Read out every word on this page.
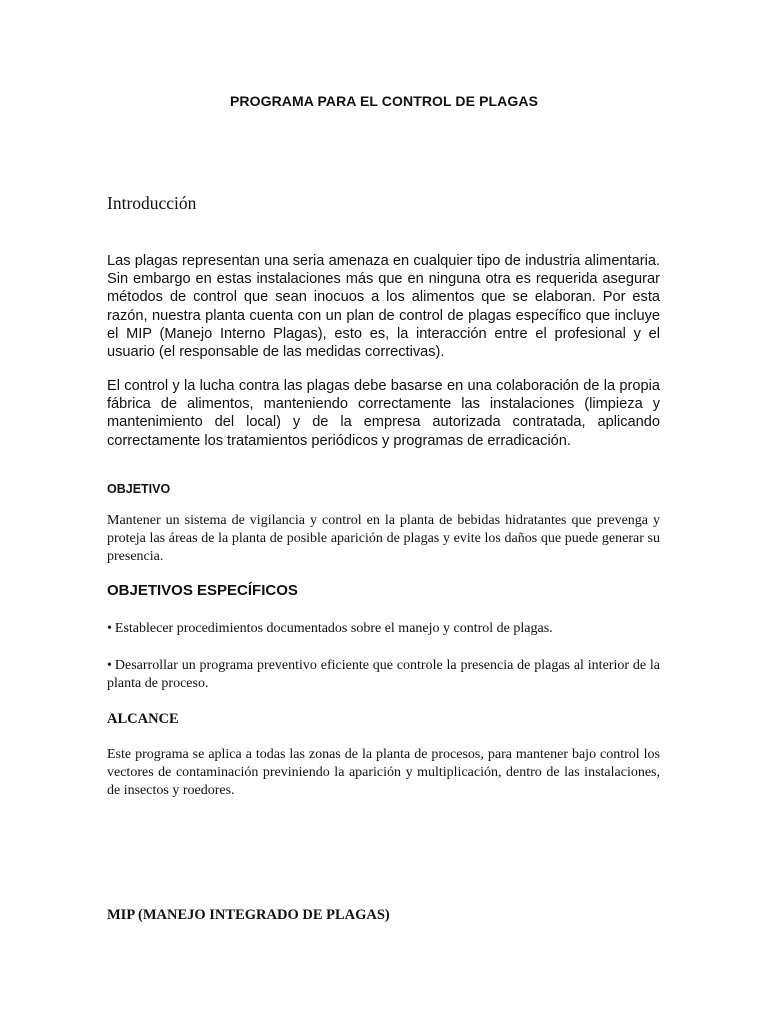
PROGRAMA PARA EL CONTROL DE PLAGAS

Introducción

Las plagas representan una seria amenaza en cualquier tipo de industria alimentaria. Sin embargo en estas instalaciones más que en ninguna otra es requerida asegurar métodos de control que sean inocuos a los alimentos que se elaboran. Por esta razón, nuestra planta cuenta con un plan de control de plagas específico que incluye el MIP (Manejo Interno Plagas), esto es, la interacción entre el profesional y el usuario (el responsable de las medidas correctivas).

El control y la lucha contra las plagas debe basarse en una colaboración de la propia fábrica de alimentos, manteniendo correctamente las instalaciones (limpieza y mantenimiento del local) y de la empresa autorizada contratada, aplicando correctamente los tratamientos periódicos y programas de erradicación.

OBJETIVO

Mantener un sistema de vigilancia y control en la planta de bebidas hidratantes que prevenga y proteja las áreas de la planta de posible aparición de plagas y evite los daños que puede generar su presencia.

OBJETIVOS ESPECÍFICOS

• Establecer procedimientos documentados sobre el manejo y control de plagas.

• Desarrollar un programa preventivo eficiente que controle la presencia de plagas al interior de la planta de proceso.

ALCANCE

Este programa se aplica a todas las zonas de la planta de procesos, para mantener bajo control los vectores de contaminación previniendo la aparición y multiplicación, dentro de las instalaciones, de insectos y roedores.

MIP (MANEJO INTEGRADO DE PLAGAS)
